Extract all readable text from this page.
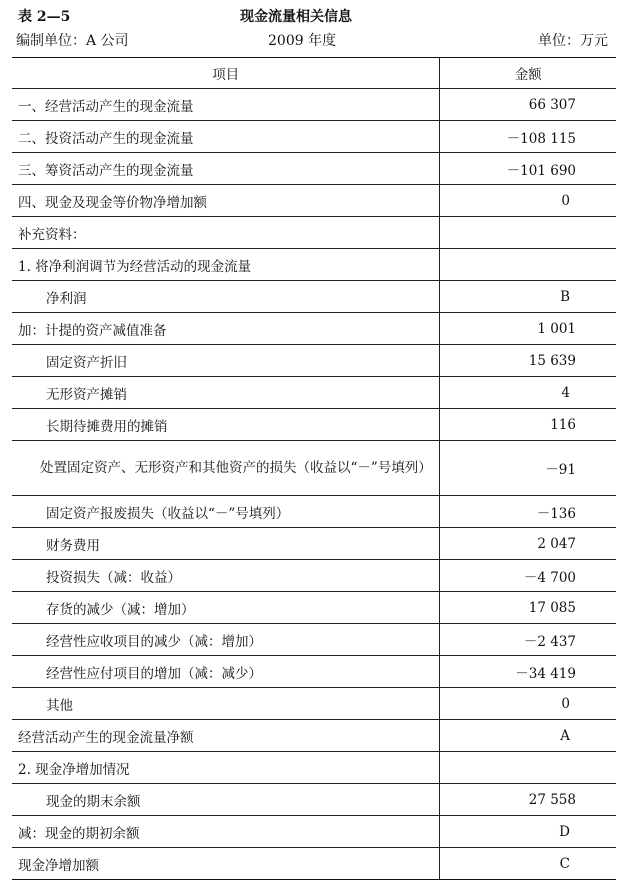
表 2—5	现金流量相关信息
编制单位：A 公司	2009 年度	单位：万元
项目	金额
一、经营活动产生的现金流量	66 307
二、投资活动产生的现金流量	－108 115
三、筹资活动产生的现金流量	－101 690
四、现金及现金等价物净增加额	0
补充资料：	
1. 将净利润调节为经营活动的现金流量	
净利润	B
加：计提的资产减值准备	1 001
固定资产折旧	15 639
无形资产摊销	4
长期待摊费用的摊销	116

处置固定资产、无形资产和其他资产的损失（收益以“－”号填列）	－91
固定资产报废损失（收益以“－”号填列）	－136
财务费用	2 047
投资损失（减：收益）	－4 700
存货的减少（减：增加）	17 085
经营性应收项目的减少（减：增加）	－2 437
经营性应付项目的增加（减：减少）	－34 419
其他	0
经营活动产生的现金流量净额	A
2. 现金净增加情况	
现金的期末余额	27 558
减：现金的期初余额	D
现金净增加额	C
